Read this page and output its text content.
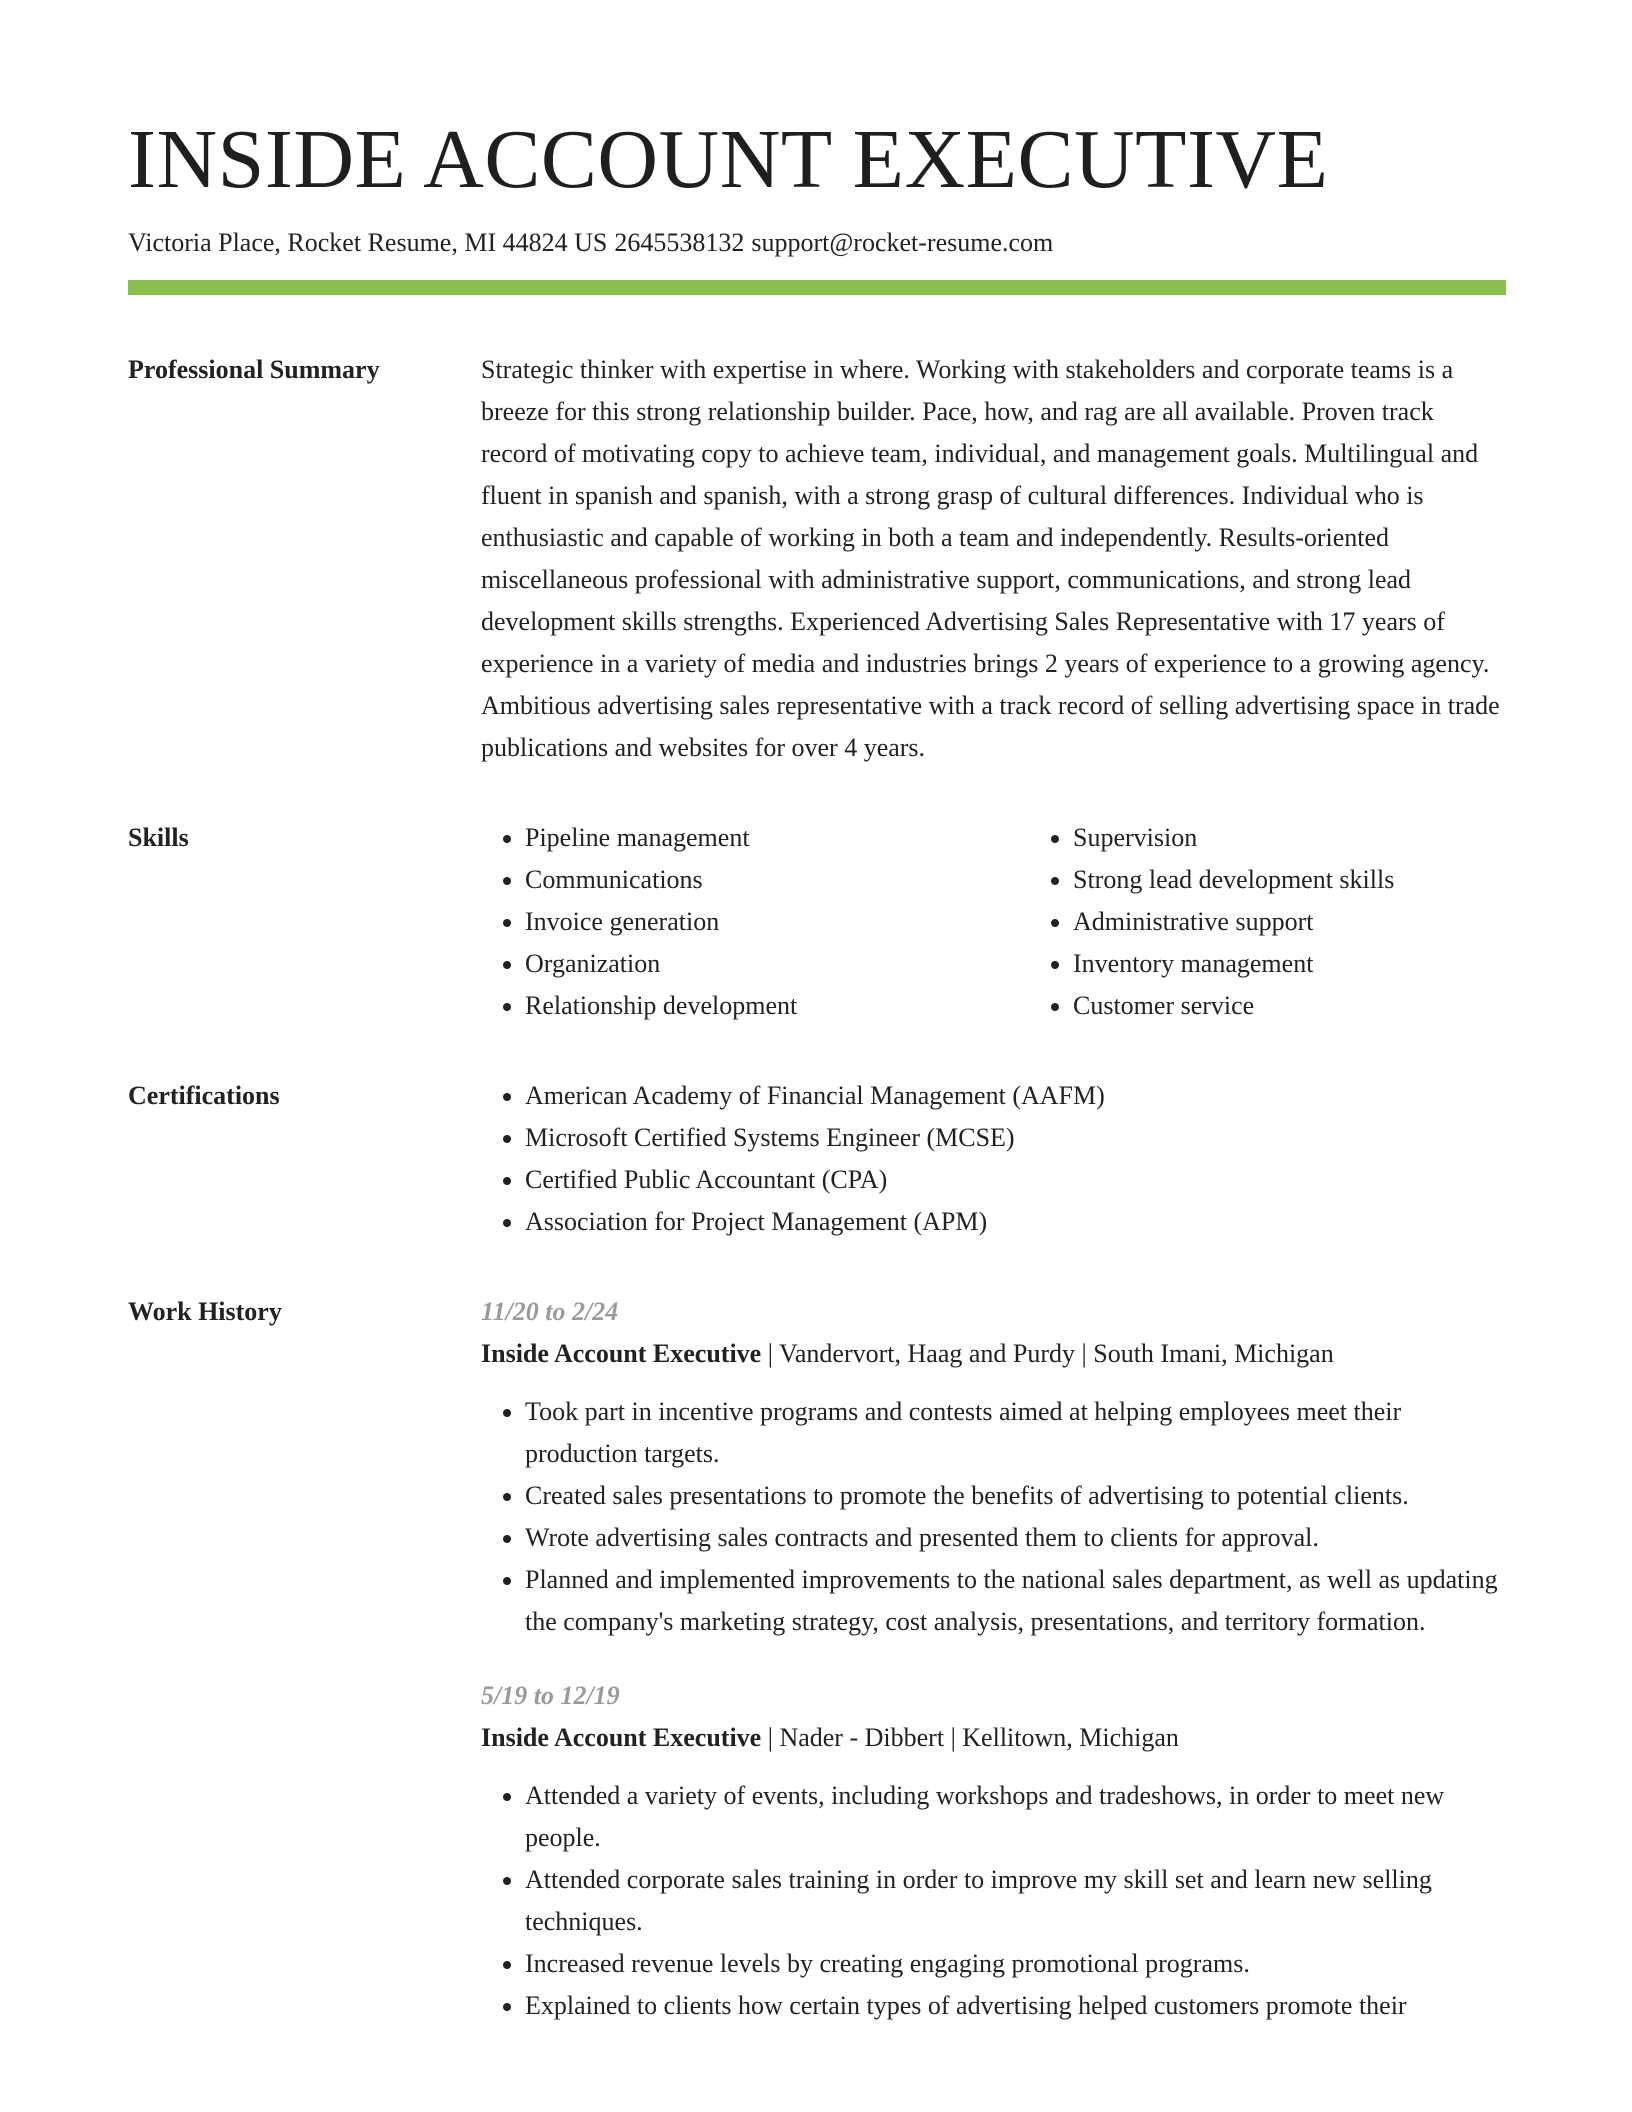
INSIDE ACCOUNT EXECUTIVE
Victoria Place, Rocket Resume, MI 44824 US 2645538132 support@rocket-resume.com
Professional Summary	Strategic thinker with expertise in where. Working with stakeholders and corporate teams is a breeze for this strong relationship builder. Pace, how, and rag are all available. Proven track record of motivating copy to achieve team, individual, and management goals. Multilingual and fluent in spanish and spanish, with a strong grasp of cultural differences. Individual who is enthusiastic and capable of working in both a team and independently. Results-oriented miscellaneous professional with administrative support, communications, and strong lead development skills strengths. Experienced Advertising Sales Representative with 17 years of experience in a variety of media and industries brings 2 years of experience to a growing agency. Ambitious advertising sales representative with a track record of selling advertising space in trade publications and websites for over 4 years.

Skills	• Pipeline management
• Communications
• Invoice generation
• Organization
• Relationship development
• Supervision
• Strong lead development skills
• Administrative support
• Inventory management
• Customer service
Certifications	• American Academy of Financial Management (AAFM)
• Microsoft Certified Systems Engineer (MCSE)
• Certified Public Accountant (CPA)
• Association for Project Management (APM)
Work History	11/20 to 2/24
Inside Account Executive | Vandervort, Haag and Purdy | South Imani, Michigan
• Took part in incentive programs and contests aimed at helping employees meet their production targets.
• Created sales presentations to promote the benefits of advertising to potential clients.
• Wrote advertising sales contracts and presented them to clients for approval.
• Planned and implemented improvements to the national sales department, as well as updating the company's marketing strategy, cost analysis, presentations, and territory formation.
5/19 to 12/19
Inside Account Executive | Nader - Dibbert | Kellitown, Michigan
• Attended a variety of events, including workshops and tradeshows, in order to meet new people.
• Attended corporate sales training in order to improve my skill set and learn new selling techniques.
• Increased revenue levels by creating engaging promotional programs.
• Explained to clients how certain types of advertising helped customers promote their
